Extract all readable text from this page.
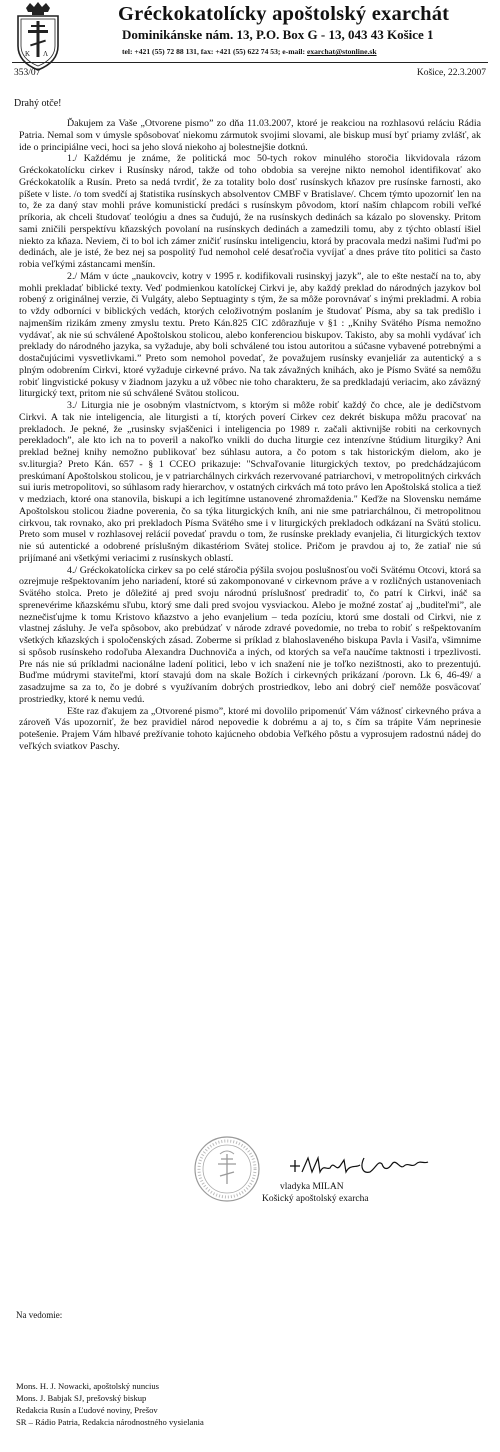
K Λ
Gréckokatolícky apoštolský exarchát
Dominikánske nám. 13, P.O. Box G - 13, 043 43 Košice 1
tel: +421 (55) 72 88 131, fax: +421 (55) 622 74 53; e-mail: exarchat@stonline.sk
353/07	Košice, 22.3.2007
Drahý otče!

Ďakujem za Vaše „Otvorene pismo” zo dňa 11.03.2007, ktoré je reakciou na rozhlasovú reláciu Rádia Patria. Nemal som v úmysle spôsobovať niekomu zármutok svojimi slovami, ale biskup musí byť priamy zvlášť, ak ide o principiálne veci, hoci sa jeho slová niekoho aj bolestnejšie dotknú.

1./ Každému je známe, že politická moc 50-tych rokov minulého storočia likvidovala rázom Gréckokatolícku cirkev i Rusínsky národ, takže od toho obdobia sa verejne nikto nemohol identifikovať ako Gréckokatolík a Rusín. Preto sa nedá tvrdiť, že za totality bolo dosť rusínskych kňazov pre rusínske farnosti, ako píšete v liste. /o tom svedčí aj štatistika rusínskych absolventov CMBF v Bratislave/. Chcem týmto upozorniť len na to, že za daný stav mohli práve komunistickí predáci s rusínskym pôvodom, ktorí naším chlapcom robili veľké príkoria, ak chceli študovať teológiu a dnes sa čudujú, že na rusínskych dedinách sa kázalo po slovensky. Pritom sami zničili perspektívu kňazských povolaní na rusínskych dedinách a zamedzili tomu, aby z týchto oblastí išiel niekto za kňaza. Neviem, či to bol ich zámer zničiť rusínsku inteligenciu, ktorá by pracovala medzi našimi ľuďmi po dedinách, ale je isté, že bez nej sa pospolitý ľud nemohol celé desaťročia vyvíjať a dnes práve títo politici sa často robia veľkými zástancami menšín.

2./ Mám v úcte „naukovciv, kotry v 1995 r. kodifikovali rusinskyj jazyk”, ale to ešte nestačí na to, aby mohli prekladať biblické texty. Veď podmienkou katolíckej Cirkvi je, aby každý preklad do národných jazykov bol robený z originálnej verzie, či Vulgáty, alebo Septuaginty s tým, že sa môže porovnávať s inými prekladmi. A robia to vždy odborníci v biblických vedách, ktorých celoživotným poslaním je študovať Písma, aby sa tak predišlo i najmenším rizikám zmeny zmyslu textu. Preto Kán.825 CIC zdôrazňuje v §1 : „Knihy Svätého Písma nemožno vydávať, ak nie sú schválené Apoštolskou stolicou, alebo konferenciou biskupov. Takisto, aby sa mohli vydávať ich preklady do národného jazyka, sa vyžaduje, aby boli schválené tou istou autoritou a súčasne vybavené potrebnými a dostačujúcimi vysvetlivkami.” Preto som nemohol povedať, že považujem rusínsky evanjeliár za autentický a s plným odobrením Cirkvi, ktoré vyžaduje cirkevné právo. Na tak závažných knihách, ako je Písmo Sväté sa nemôžu robiť lingvistické pokusy v žiadnom jazyku a už vôbec nie toho charakteru, že sa predkladajú veriacim, ako záväzný liturgický text, pritom nie sú schválené Svätou stolicou.

3./ Liturgia nie je osobným vlastníctvom, s ktorým si môže robiť každý čo chce, ale je dedičstvom Cirkvi. A tak nie inteligencia, ale liturgisti a tí, ktorých poverí Cirkev cez dekrét biskupa môžu pracovať na prekladoch. Je pekné, že „rusinsky svjaščenici i inteligencia po 1989 r. začali aktivnijše robiti na cerkovnych perekladoch”, ale kto ich na to poveril a nakoľko vnikli do ducha liturgie cez intenzívne štúdium liturgiky? Ani preklad bežnej knihy nemožno publikovať bez súhlasu autora, a čo potom s tak historickým dielom, ako je sv.liturgia? Preto Kán. 657 - § 1 CCEO prikazuje: "Schvaľovanie liturgických textov, po predchádzajúcom preskúmaní Apoštolskou stolicou, je v patriarchálnych cirkvách rezervované patriarchovi, v metropolitných cirkvách sui iuris metropolitovi, so súhlasom rady hierarchov, v ostatných cirkvách má toto právo len Apoštolská stolica a tiež v medziach, ktoré ona stanovila, biskupi a ich legitímne ustanovené zhromaždenia." Keďže na Slovensku nemáme Apoštolskou stolicou žiadne poverenia, čo sa týka liturgických kníh, ani nie sme patriarchálnou, či metropolitnou cirkvou, tak rovnako, ako pri prekladoch Písma Svätého sme i v liturgických prekladoch odkázaní na Svätú stolicu. Preto som musel v rozhlasovej relácií povedať pravdu o tom, že rusínske preklady evanjelia, či liturgických textov nie sú autentické a odobrené príslušným dikastériom Svätej stolice. Pričom je pravdou aj to, že zatiaľ nie sú prijímané ani všetkými veriacimi z rusínskych oblastí.

4./ Gréckokatolícka cirkev sa po celé stáročia pýšila svojou poslušnosťou voči Svätému Otcovi, ktorá sa ozrejmuje rešpektovaním jeho nariadení, ktoré sú zakomponované v cirkevnom práve a v rozličných ustanoveniach Svätého stolca. Preto je dôležité aj pred svoju národnú príslušnosť predradiť to, čo patrí k Cirkvi, ináč sa sprenevérime kňazskému sľubu, ktorý sme dali pred svojou vysviackou. Alebo je možné zostať aj „buditeľmi”, ale neznečisťujme k tomu Kristovo kňazstvo a jeho evanjelium – teda pozíciu, ktorú sme dostali od Cirkvi, nie z vlastnej zásluhy. Je veľa spôsobov, ako prebúdzať v národe zdravé povedomie, no treba to robiť s rešpektovaním všetkých kňazských i spoločenských zásad. Zoberme si príklad z blahoslaveného biskupa Pavla i Vasiľa, všimnime si spôsob rusínskeho rodoľuba Alexandra Duchnoviča a iných, od ktorých sa veľa naučíme taktnosti i trpezlivosti. Pre nás nie sú príkladmi nacionálne ladení politici, lebo v ich snažení nie je toľko nezištnosti, ako to prezentujú. Buďme múdrymi staviteľmi, ktorí stavajú dom na skale Božích i cirkevných prikázaní /porovn. Lk 6, 46-49/ a zasadzujme sa za to, čo je dobré s využívaním dobrých prostriedkov, lebo ani dobrý cieľ nemôže posväcovať prostriedky, ktoré k nemu vedú.

Ešte raz ďakujem za „Otvorené pismo”, ktoré mi dovolilo pripomenúť Vám vážnosť cirkevného práva a zároveň Vás upozorniť, že bez pravidiel národ nepovedie k dobrému a aj to, s čím sa trápite Vám neprinesie potešenie. Prajem Vám hlbavé prežívanie tohoto kajúcneho obdobia Veľkého pôstu a vyprosujem radostnú nádej do veľkých sviatkov Paschy.

vladyka MILAN
Košický apoštolský exarcha
Na vedomie:
Mons. H. J. Nowacki, apoštolský nuncius
Mons. J. Babjak SJ, prešovský biskup
Redakcia Rusín a Ľudové noviny, Prešov
SR – Rádio Patria, Redakcia národnostného vysielania
